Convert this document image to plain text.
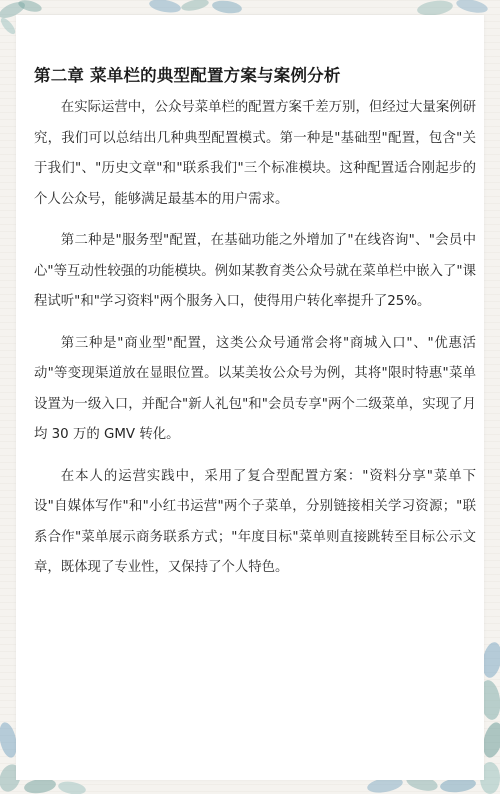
第二章 菜单栏的典型配置方案与案例分析

在实际运营中，公众号菜单栏的配置方案千差万别，但经过大量案例研究，我们可以总结出几种典型配置模式。第一种是"基础型"配置，包含"关于我们"、"历史文章"和"联系我们"三个标准模块。这种配置适合刚起步的个人公众号，能够满足最基本的用户需求。

第二种是"服务型"配置，在基础功能之外增加了"在线咨询"、"会员中心"等互动性较强的功能模块。例如某教育类公众号就在菜单栏中嵌入了"课程试听"和"学习资料"两个服务入口，使得用户转化率提升了25%。

第三种是"商业型"配置，这类公众号通常会将"商城入口"、"优惠活动"等变现渠道放在显眼位置。以某美妆公众号为例，其将"限时特惠"菜单设置为一级入口，并配合"新人礼包"和"会员专享"两个二级菜单，实现了月均 30 万的 GMV 转化。

在本人的运营实践中，采用了复合型配置方案："资料分享"菜单下设"自媒体写作"和"小红书运营"两个子菜单，分别链接相关学习资源；"联系合作"菜单展示商务联系方式；"年度目标"菜单则直接跳转至目标公示文章，既体现了专业性，又保持了个人特色。
